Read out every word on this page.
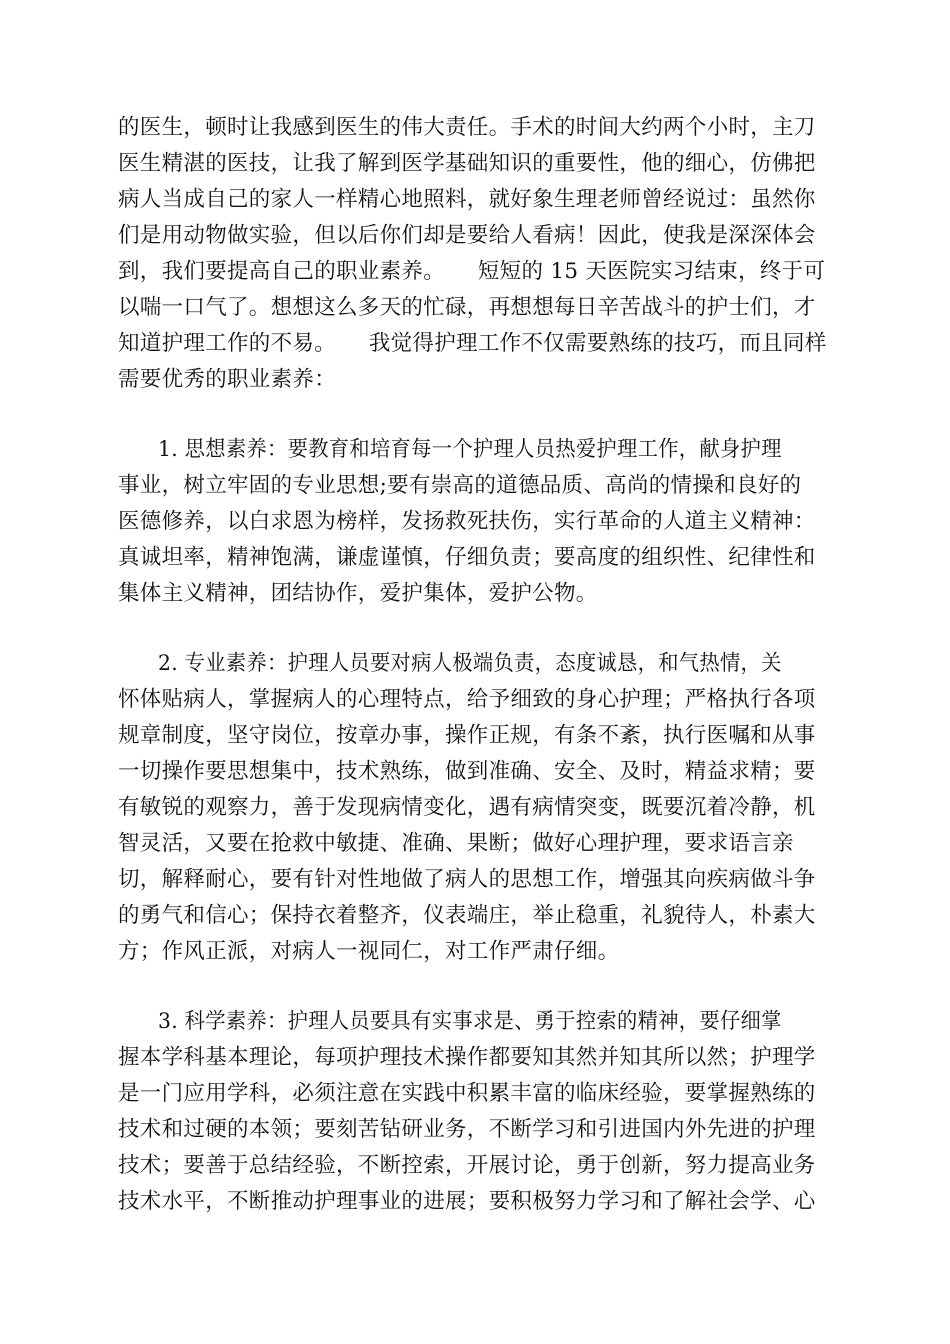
的医生，顿时让我感到医生的伟大责任。手术的时间大约两个小时，主刀
医生精湛的医技，让我了解到医学基础知识的重要性，他的细心，仿佛把
病人当成自己的家人一样精心地照料，就好象生理老师曾经说过：虽然你
们是用动物做实验，但以后你们却是要给人看病！因此，使我是深深体会
到，我们要提高自己的职业素养。　　短短的 15 天医院实习结束，终于可
以喘一口气了。想想这么多天的忙碌，再想想每日辛苦战斗的护士们，才
知道护理工作的不易。　　我觉得护理工作不仅需要熟练的技巧，而且同样
需要优秀的职业素养：
1. 思想素养：要教育和培育每一个护理人员热爱护理工作，献身护理
事业，树立牢固的专业思想;要有崇高的道德品质、高尚的情操和良好的
医德修养，以白求恩为榜样，发扬救死扶伤，实行革命的人道主义精神：
真诚坦率，精神饱满，谦虚谨慎，仔细负责；要高度的组织性、纪律性和
集体主义精神，团结协作，爱护集体，爱护公物。
2. 专业素养：护理人员要对病人极端负责，态度诚恳，和气热情，关
怀体贴病人，掌握病人的心理特点，给予细致的身心护理；严格执行各项
规章制度，坚守岗位，按章办事，操作正规，有条不紊，执行医嘱和从事
一切操作要思想集中，技术熟练，做到准确、安全、及时，精益求精；要
有敏锐的观察力，善于发现病情变化，遇有病情突变，既要沉着冷静，机
智灵活，又要在抢救中敏捷、准确、果断；做好心理护理，要求语言亲
切，解释耐心，要有针对性地做了病人的思想工作，增强其向疾病做斗争
的勇气和信心；保持衣着整齐，仪表端庄，举止稳重，礼貌待人，朴素大
方；作风正派，对病人一视同仁，对工作严肃仔细。
3. 科学素养：护理人员要具有实事求是、勇于控索的精神，要仔细掌
握本学科基本理论，每项护理技术操作都要知其然并知其所以然；护理学
是一门应用学科，必须注意在实践中积累丰富的临床经验，要掌握熟练的
技术和过硬的本领；要刻苦钻研业务，不断学习和引进国内外先进的护理
技术；要善于总结经验，不断控索，开展讨论，勇于创新，努力提高业务
技术水平，不断推动护理事业的进展；要积极努力学习和了解社会学、心
